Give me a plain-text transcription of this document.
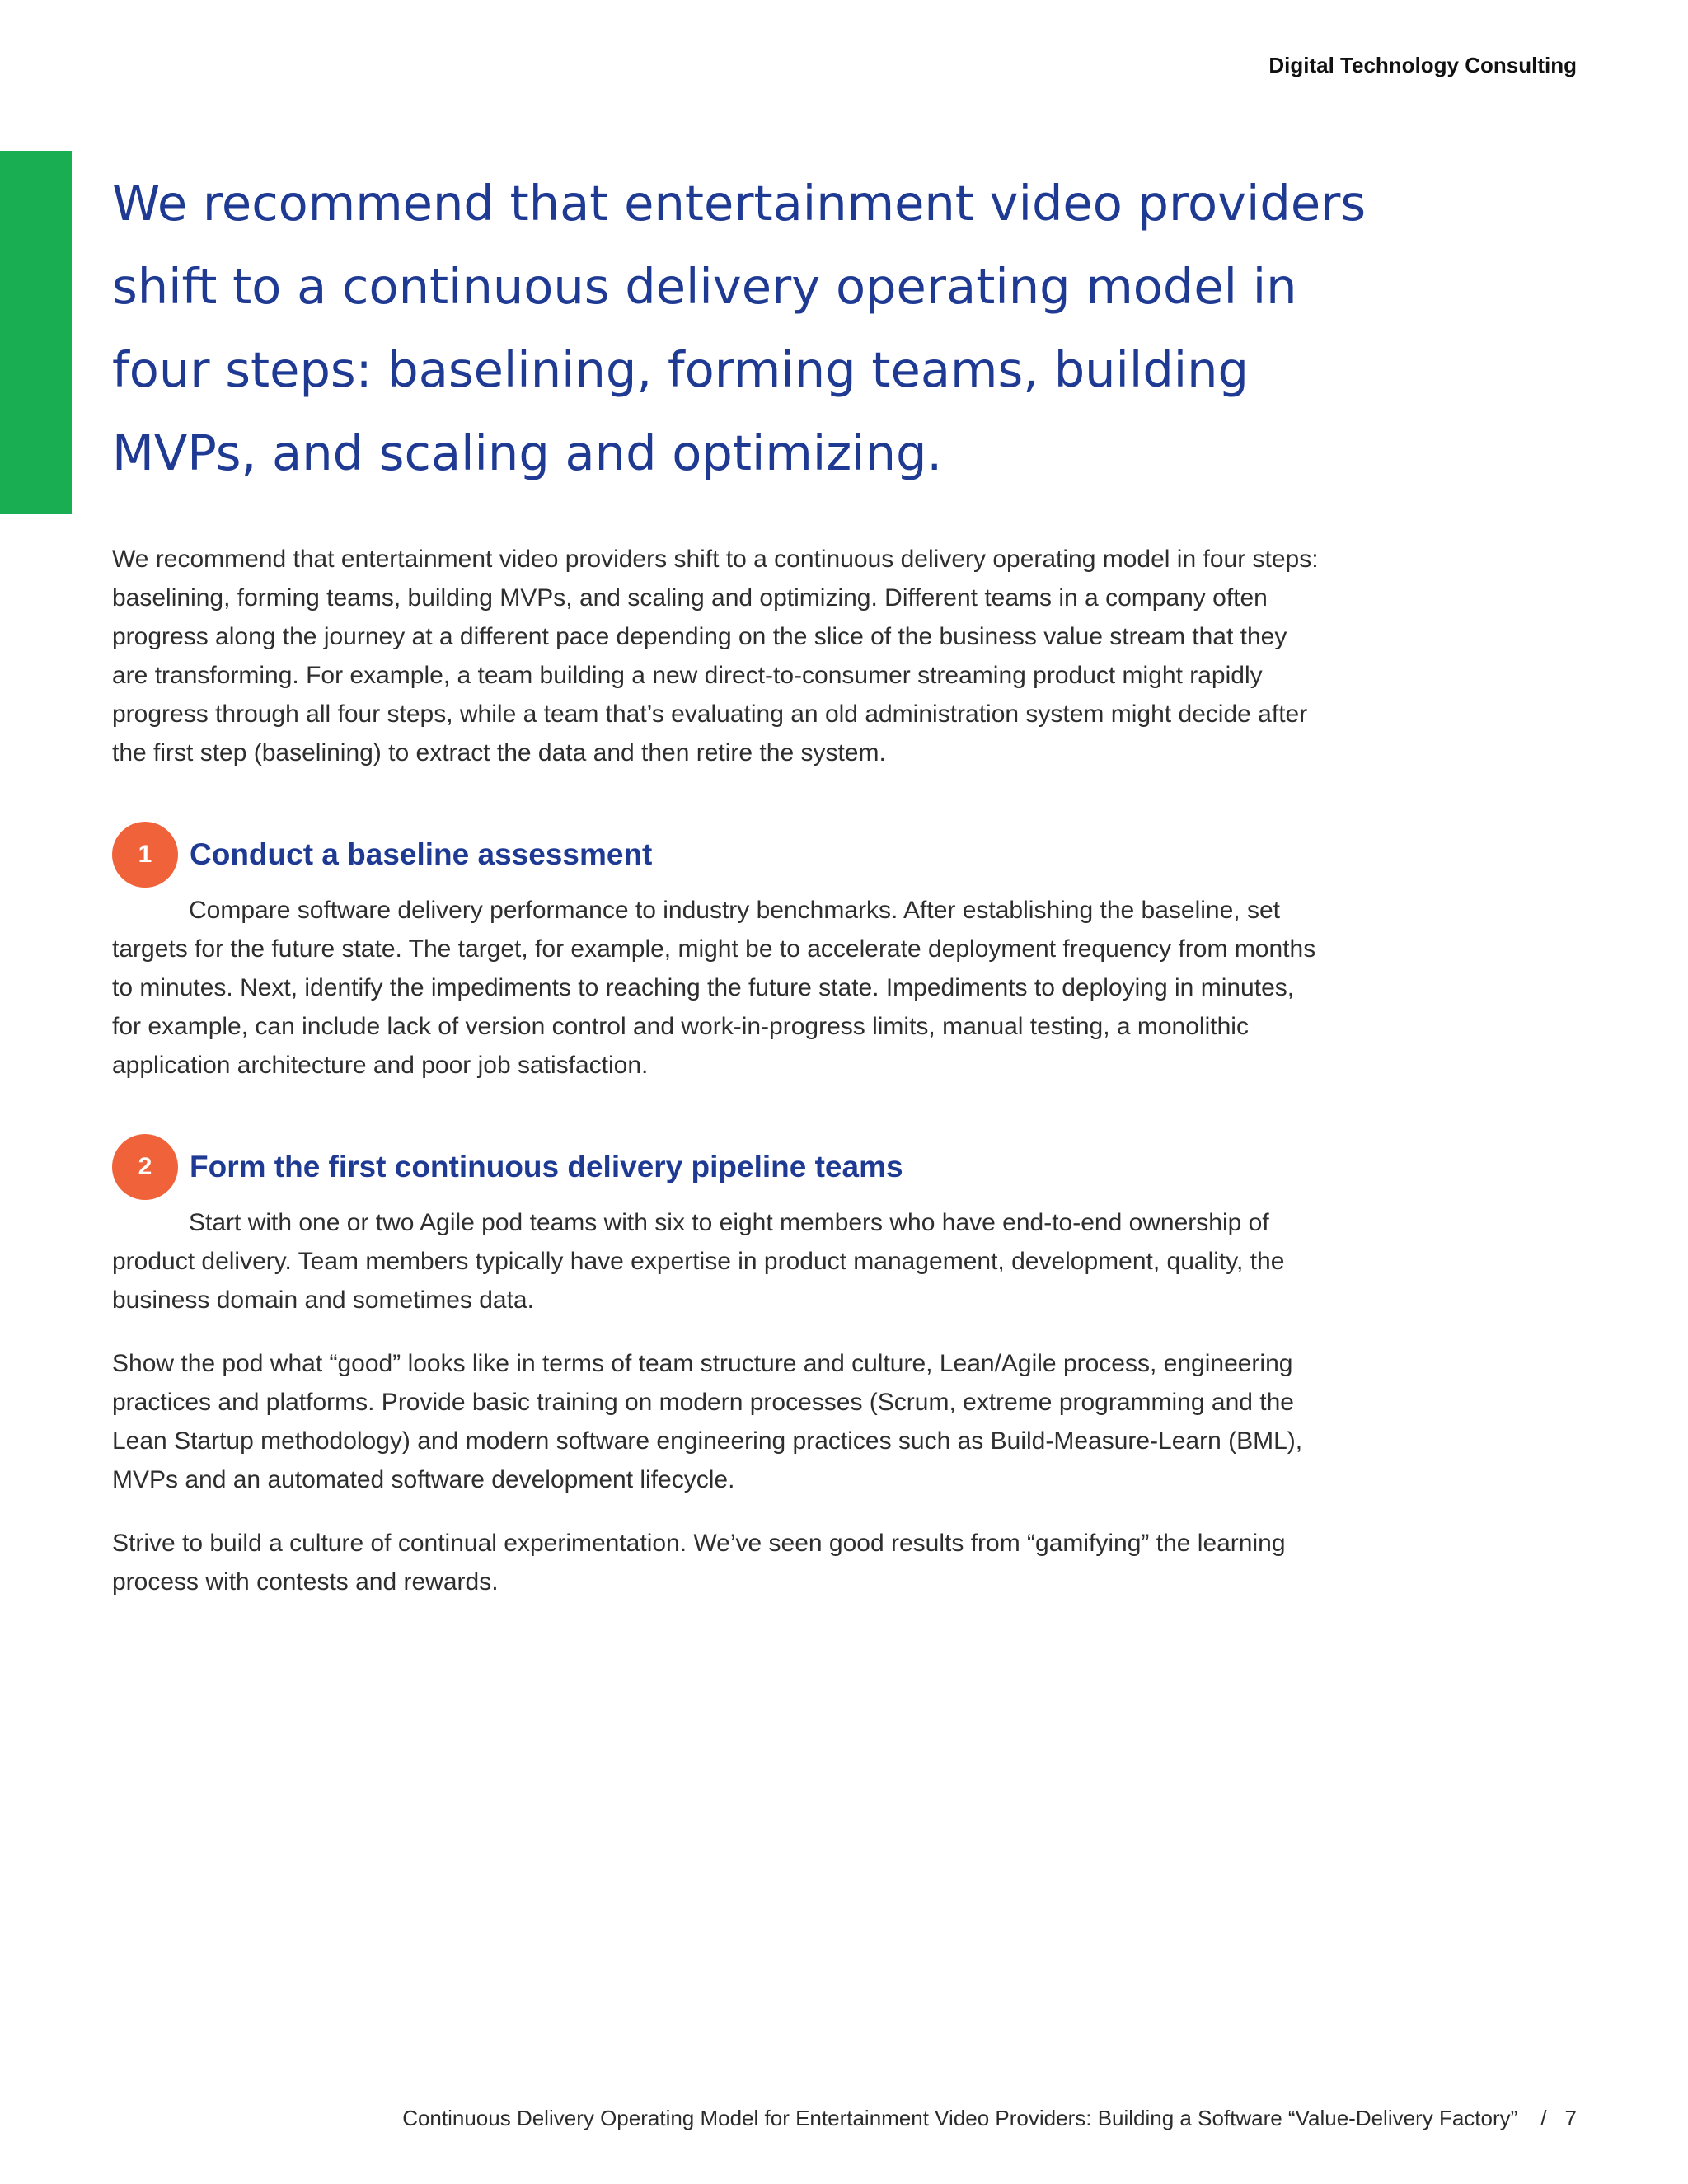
Digital Technology Consulting
We recommend that entertainment video providers shift to a continuous delivery operating model in four steps: baselining, forming teams, building MVPs, and scaling and optimizing.

We recommend that entertainment video providers shift to a continuous delivery operating model in four steps: baselining, forming teams, building MVPs, and scaling and optimizing. Different teams in a company often progress along the journey at a different pace depending on the slice of the business value stream that they are transforming. For example, a team building a new direct-to-consumer streaming product might rapidly progress through all four steps, while a team that’s evaluating an old administration system might decide after the first step (baselining) to extract the data and then retire the system.

1	Conduct a baseline assessment

Compare software delivery performance to industry benchmarks. After establishing the baseline, set targets for the future state. The target, for example, might be to accelerate deployment frequency from months to minutes. Next, identify the impediments to reaching the future state. Impediments to deploying in minutes, for example, can include lack of version control and work-in-progress limits, manual testing, a monolithic application architecture and poor job satisfaction.

2	Form the first continuous delivery pipeline teams

Start with one or two Agile pod teams with six to eight members who have end-to-end ownership of product delivery. Team members typically have expertise in product management, development, quality, the business domain and sometimes data.

Show the pod what “good” looks like in terms of team structure and culture, Lean/Agile process, engineering practices and platforms. Provide basic training on modern processes (Scrum, extreme programming and the Lean Startup methodology) and modern software engineering practices such as Build-Measure-Learn (BML), MVPs and an automated software development lifecycle.

Strive to build a culture of continual experimentation. We’ve seen good results from “gamifying” the learning process with contests and rewards.

Continuous Delivery Operating Model for Entertainment Video Providers: Building a Software “Value-Delivery Factory” / 7
